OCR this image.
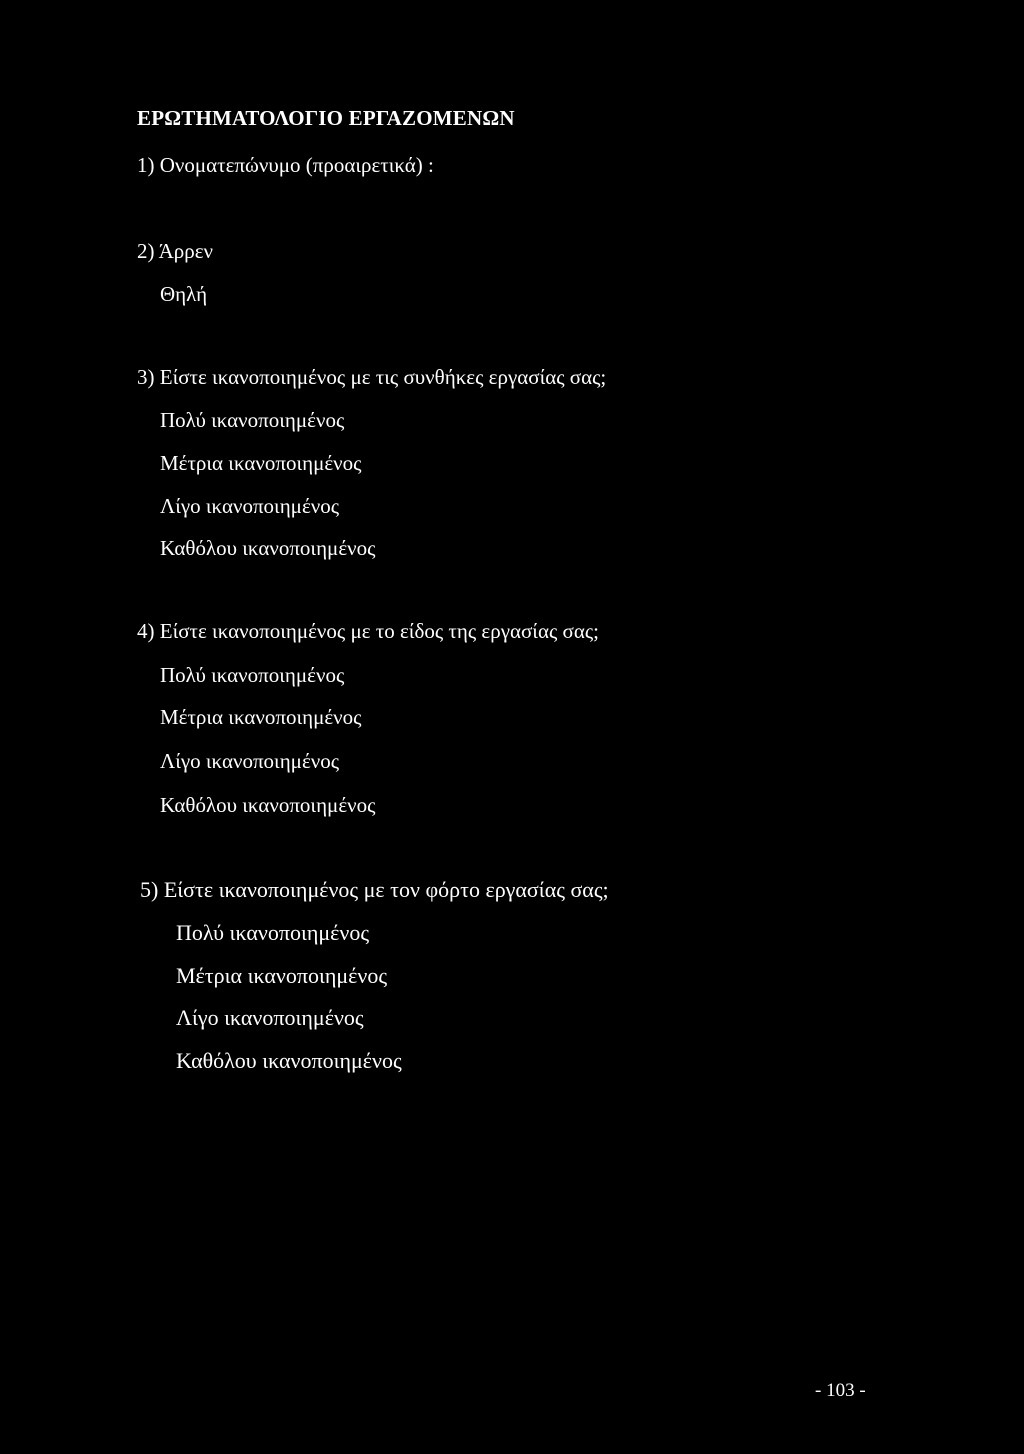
ΕΡΩΤΗΜΑΤΟΛΟΓΙΟ ΕΡΓΑΖΟΜΕΝΩΝ
1) Ονοματεπώνυμο (προαιρετικά) :
2) Άρρεν
Θηλή
3) Είστε ικανοποιημένος με τις συνθήκες εργασίας σας;
Πολύ ικανοποιημένος
Μέτρια ικανοποιημένος
Λίγο ικανοποιημένος
Καθόλου ικανοποιημένος
4) Είστε ικανοποιημένος με το είδος της εργασίας σας;
Πολύ ικανοποιημένος
Μέτρια ικανοποιημένος
Λίγο ικανοποιημένος
Καθόλου ικανοποιημένος
5) Είστε ικανοποιημένος με τον φόρτο εργασίας σας;
Πολύ ικανοποιημένος
Μέτρια ικανοποιημένος
Λίγο ικανοποιημένος
Καθόλου ικανοποιημένος
- 103 -
